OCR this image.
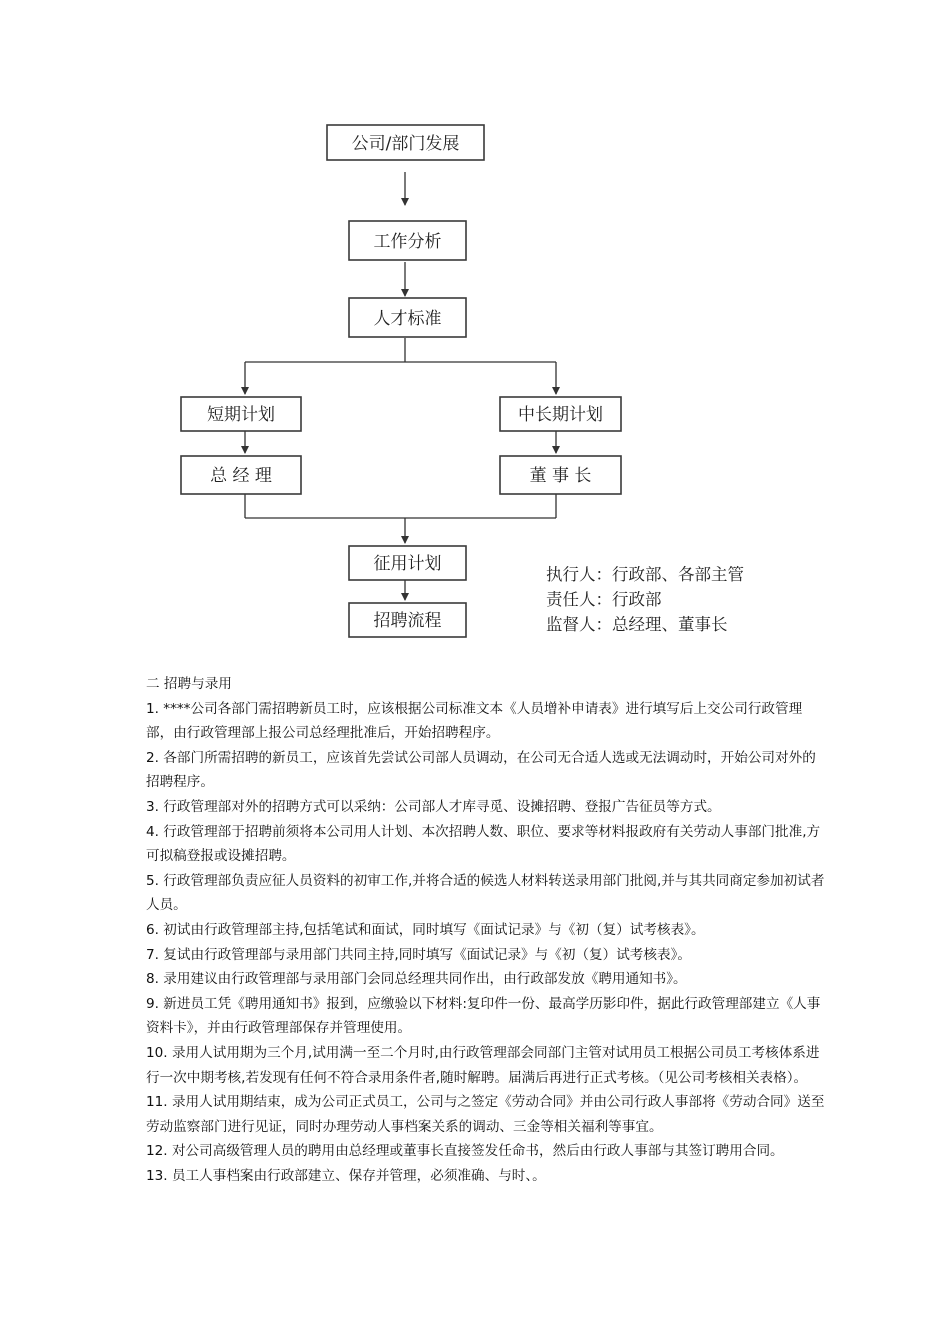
公司/部门发展
工作分析
人才标准
短期计划	中长期计划
总 经 理	董 事 长
征用计划
招聘流程
执行人：行政部、各部主管
责任人：行政部
监督人：总经理、董事长

二 招聘与录用

1. ****公司各部门需招聘新员工时，应该根据公司标准文本《人员增补申请表》进行填写后上交公司行政管理部，由行政管理部上报公司总经理批准后，开始招聘程序。

2. 各部门所需招聘的新员工，应该首先尝试公司部人员调动，在公司无合适人选或无法调动时，开始公司对外的招聘程序。

3. 行政管理部对外的招聘方式可以采纳：公司部人才库寻觅、设摊招聘、登报广告征员等方式。

4. 行政管理部于招聘前须将本公司用人计划、本次招聘人数、职位、要求等材料报政府有关劳动人事部门批准,方可拟稿登报或设摊招聘。

5. 行政管理部负责应征人员资料的初审工作,并将合适的候选人材料转送录用部门批阅,并与其共同商定参加初试者人员。

6. 初试由行政管理部主持,包括笔试和面试，同时填写《面试记录》与《初（复）试考核表》。

7. 复试由行政管理部与录用部门共同主持,同时填写《面试记录》与《初（复）试考核表》。

8. 录用建议由行政管理部与录用部门会同总经理共同作出，由行政部发放《聘用通知书》。

9. 新进员工凭《聘用通知书》报到，应缴验以下材料:复印件一份、最高学历影印件，据此行政管理部建立《人事资料卡》，并由行政管理部保存并管理使用。

10. 录用人试用期为三个月,试用满一至二个月时,由行政管理部会同部门主管对试用员工根据公司员工考核体系进行一次中期考核,若发现有任何不符合录用条件者,随时解聘。届满后再进行正式考核。（见公司考核相关表格）。

11. 录用人试用期结束，成为公司正式员工，公司与之签定《劳动合同》并由公司行政人事部将《劳动合同》送至劳动监察部门进行见证，同时办理劳动人事档案关系的调动、三金等相关福利等事宜。

12. 对公司高级管理人员的聘用由总经理或董事长直接签发任命书，然后由行政人事部与其签订聘用合同。

13. 员工人事档案由行政部建立、保存并管理，必须准确、与时、。
